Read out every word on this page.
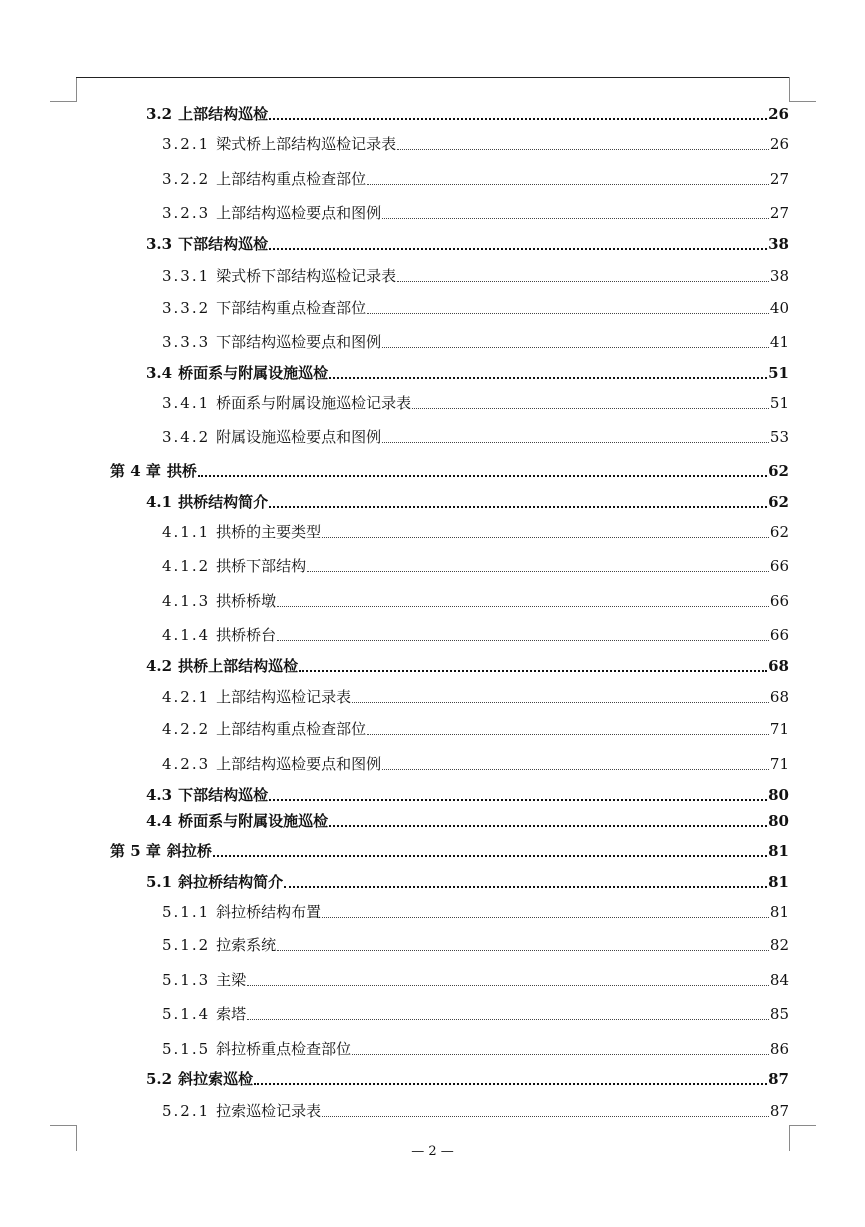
3.2 上部结构巡检	26
3.2.1 梁式桥上部结构巡检记录表	26
3.2.2 上部结构重点检查部位	27
3.2.3 上部结构巡检要点和图例	27
3.3 下部结构巡检	38
3.3.1 梁式桥下部结构巡检记录表	38
3.3.2 下部结构重点检查部位	40
3.3.3 下部结构巡检要点和图例	41
3.4 桥面系与附属设施巡检	51
3.4.1 桥面系与附属设施巡检记录表	51
3.4.2 附属设施巡检要点和图例	53
第 4 章 拱桥	62
4.1 拱桥结构简介	62
4.1.1 拱桥的主要类型	62
4.1.2 拱桥下部结构	66
4.1.3 拱桥桥墩	66
4.1.4 拱桥桥台	66
4.2 拱桥上部结构巡检	68
4.2.1 上部结构巡检记录表	68
4.2.2 上部结构重点检查部位	71
4.2.3 上部结构巡检要点和图例	71
4.3 下部结构巡检	80
4.4 桥面系与附属设施巡检	80
第 5 章 斜拉桥	81
5.1 斜拉桥结构简介	81
5.1.1 斜拉桥结构布置	81
5.1.2 拉索系统	82
5.1.3 主梁	84
5.1.4 索塔	85
5.1.5 斜拉桥重点检查部位	86
5.2 斜拉索巡检	87
5.2.1 拉索巡检记录表	87
— 2 —
